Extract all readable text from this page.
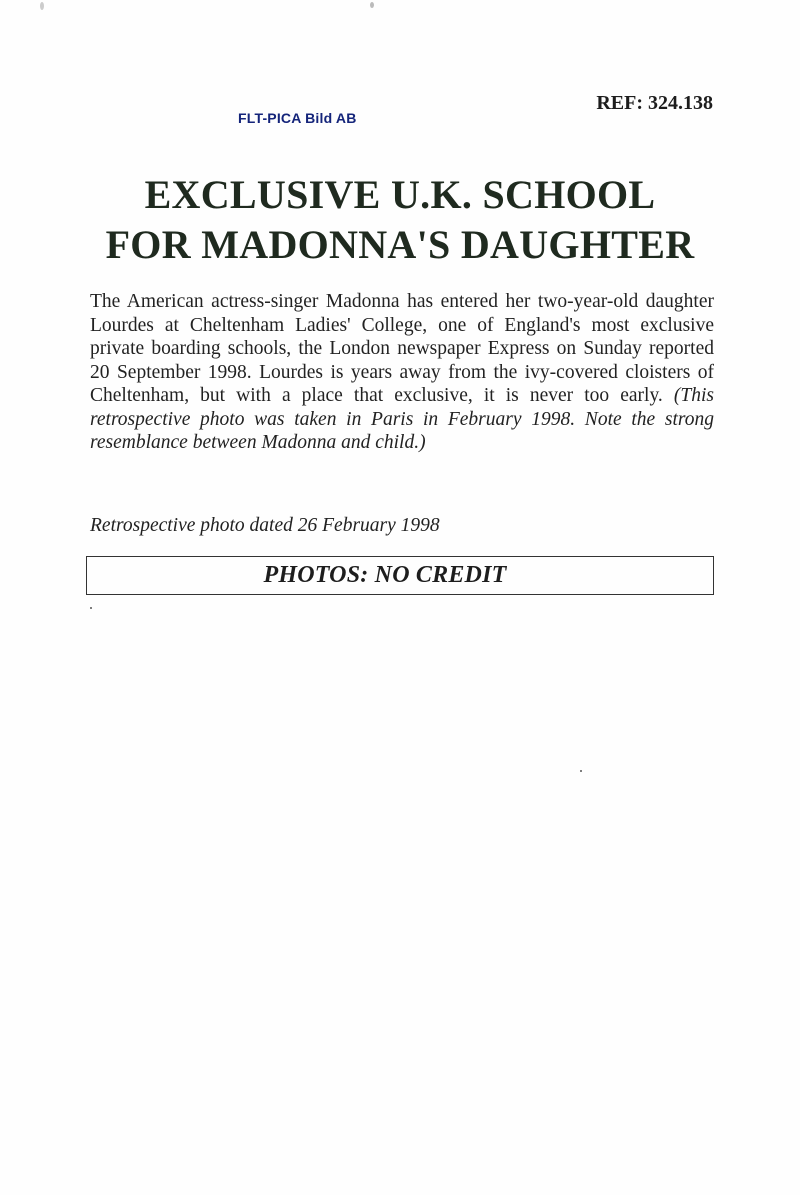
FLT-PICA Bild AB
REF: 324.138
EXCLUSIVE U.K. SCHOOL
FOR MADONNA'S DAUGHTER
The American actress-singer Madonna has entered her two-year-old daughter Lourdes at Cheltenham Ladies' College, one of England's most exclusive private boarding schools, the London newspaper Express on Sunday reported 20 September 1998. Lourdes is years away from the ivy-covered cloisters of Cheltenham, but with a place that exclusive, it is never too early. (This retrospective photo was taken in Paris in February 1998. Note the strong resemblance between Madonna and child.)
Retrospective photo dated 26 February 1998
PHOTOS: NO CREDIT
